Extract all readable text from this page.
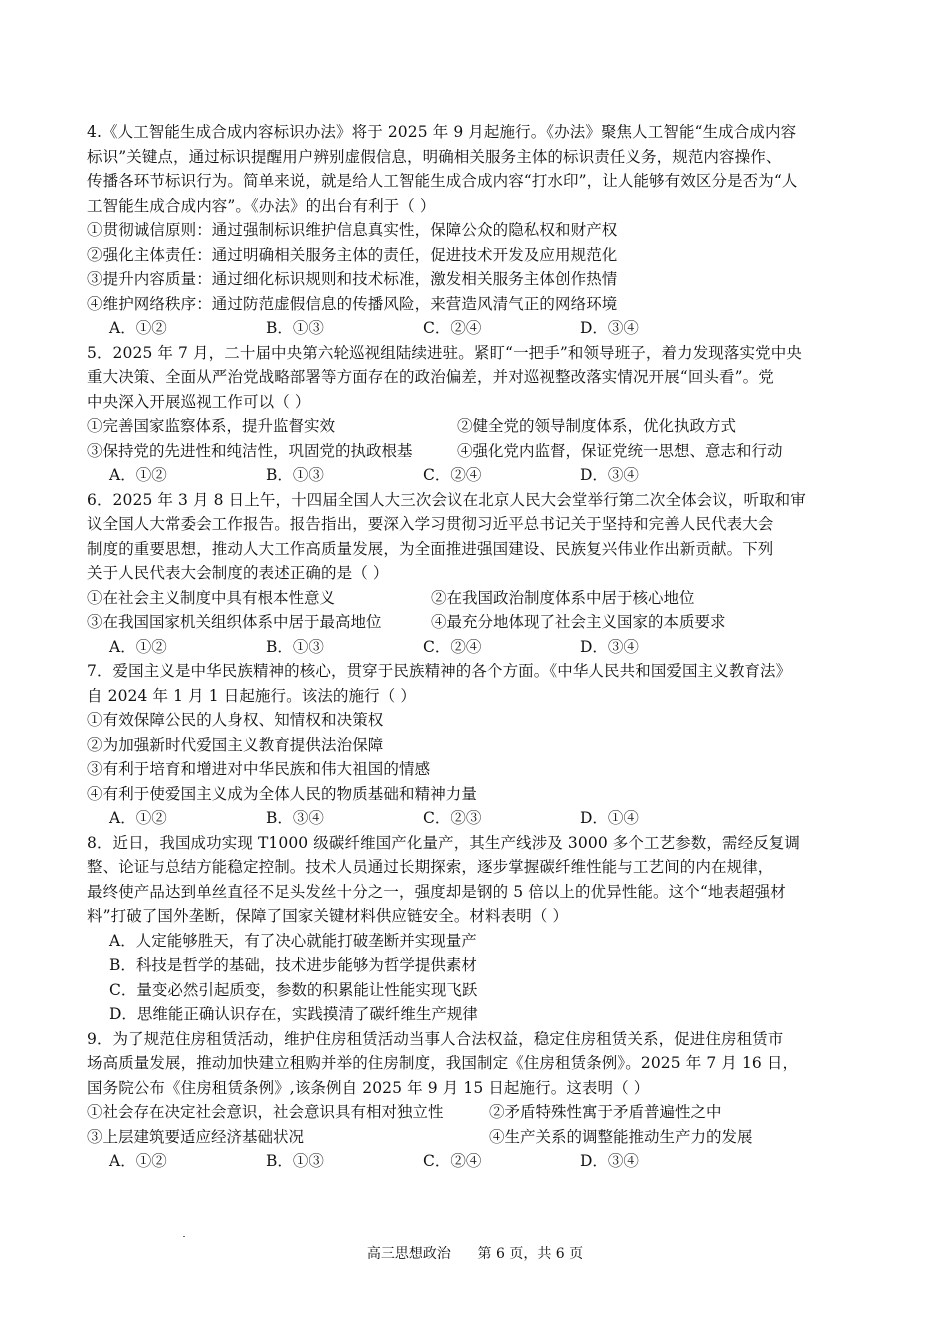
4.《人工智能生成合成内容标识办法》将于 2025 年 9 月起施行。《办法》聚焦人工智能“生成合成内容
标识”关键点，通过标识提醒用户辨别虚假信息，明确相关服务主体的标识责任义务，规范内容操作、
传播各环节标识行为。简单来说，就是给人工智能生成合成内容“打水印”，让人能够有效区分是否为“人
工智能生成合成内容”。《办法》的出台有利于（ ）
①贯彻诚信原则：通过强制标识维护信息真实性，保障公众的隐私权和财产权
②强化主体责任：通过明确相关服务主体的责任，促进技术开发及应用规范化
③提升内容质量：通过细化标识规则和技术标准，激发相关服务主体创作热情
④维护网络秩序：通过防范虚假信息的传播风险，来营造风清气正的网络环境
A．①②	B．①③	C．②④	D．③④
5．2025 年 7 月，二十届中央第六轮巡视组陆续进驻。紧盯“一把手”和领导班子，着力发现落实党中央
重大决策、全面从严治党战略部署等方面存在的政治偏差，并对巡视整改落实情况开展“回头看”。党
中央深入开展巡视工作可以（ ）
①完善国家监察体系，提升监督实效	②健全党的领导制度体系，优化执政方式
③保持党的先进性和纯洁性，巩固党的执政根基	④强化党内监督，保证党统一思想、意志和行动
A．①②	B．①③	C．②④	D．③④
6．2025 年 3 月 8 日上午，十四届全国人大三次会议在北京人民大会堂举行第二次全体会议，听取和审
议全国人大常委会工作报告。报告指出，要深入学习贯彻习近平总书记关于坚持和完善人民代表大会
制度的重要思想，推动人大工作高质量发展，为全面推进强国建设、民族复兴伟业作出新贡献。下列
关于人民代表大会制度的表述正确的是（ ）
①在社会主义制度中具有根本性意义	②在我国政治制度体系中居于核心地位
③在我国国家机关组织体系中居于最高地位	④最充分地体现了社会主义国家的本质要求
A．①②	B．①③	C．②④	D．③④
7．爱国主义是中华民族精神的核心，贯穿于民族精神的各个方面。《中华人民共和国爱国主义教育法》
自 2024 年 1 月 1 日起施行。该法的施行（ ）
①有效保障公民的人身权、知情权和决策权
②为加强新时代爱国主义教育提供法治保障
③有利于培育和增进对中华民族和伟大祖国的情感
④有利于使爱国主义成为全体人民的物质基础和精神力量
A．①②	B．③④	C．②③	D．①④
8．近日，我国成功实现 T1000 级碳纤维国产化量产，其生产线涉及 3000 多个工艺参数，需经反复调
整、论证与总结方能稳定控制。技术人员通过长期探索，逐步掌握碳纤维性能与工艺间的内在规律，
最终使产品达到单丝直径不足头发丝十分之一，强度却是钢的 5 倍以上的优异性能。这个“地表超强材
料”打破了国外垄断，保障了国家关键材料供应链安全。材料表明（ ）
A．人定能够胜天，有了决心就能打破垄断并实现量产
B．科技是哲学的基础，技术进步能够为哲学提供素材
C．量变必然引起质变，参数的积累能让性能实现飞跃
D．思维能正确认识存在，实践摸清了碳纤维生产规律
9．为了规范住房租赁活动，维护住房租赁活动当事人合法权益，稳定住房租赁关系，促进住房租赁市
场高质量发展，推动加快建立租购并举的住房制度，我国制定《住房租赁条例》。2025 年 7 月 16 日，
国务院公布《住房租赁条例》,该条例自 2025 年 9 月 15 日起施行。这表明（ ）
①社会存在决定社会意识，社会意识具有相对独立性	②矛盾特殊性寓于矛盾普遍性之中
③上层建筑要适应经济基础状况	④生产关系的调整能推动生产力的发展
A．①②	B．①③	C．②④	D．③④
高三思想政治 第 6 页，共 6 页
